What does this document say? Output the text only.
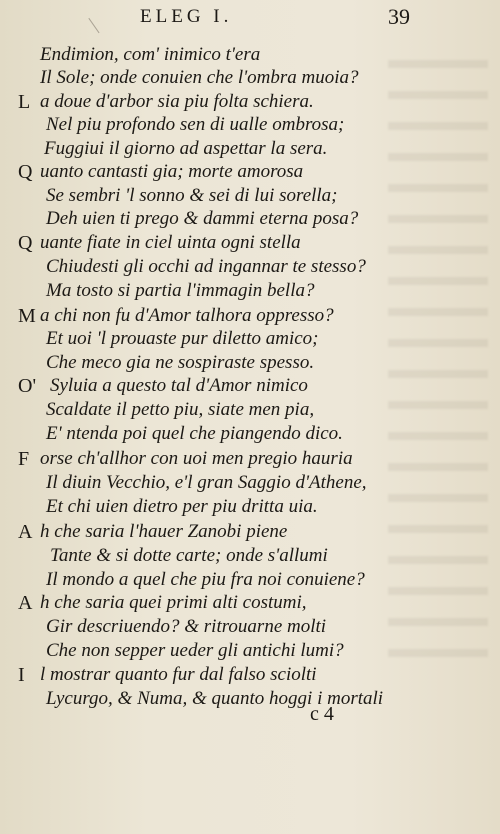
ELEG I.	39
L
Q
Q
M
O'
F
A
A
I
Endimion, com' inimico t'era
Il Sole; onde conuien che l'ombra muoia?
a doue d'arbor sia piu folta schiera.
Nel piu profondo sen di ualle ombrosa;
Fuggiui il giorno ad aspettar la sera.
uanto cantasti gia; morte amorosa
Se sembri 'l sonno & sei di lui sorella;
Deh uien ti prego & dammi eterna posa?
uante fiate in ciel uinta ogni stella
Chiudesti gli occhi ad ingannar te stesso?
Ma tosto si partia l'immagin bella?
a chi non fu d'Amor talhora oppresso?
Et uoi 'l prouaste pur diletto amico;
Che meco gia ne sospiraste spesso.
Syluia a questo tal d'Amor nimico
Scaldate il petto piu, siate men pia,
E' ntenda poi quel che piangendo dico.
orse ch'allhor con uoi men pregio hauria
Il diuin Vecchio, e'l gran Saggio d'Athene,
Et chi uien dietro per piu dritta uia.
h che saria l'hauer Zanobi piene
Tante & si dotte carte; onde s'allumi
Il mondo a quel che piu fra noi conuiene?
h che saria quei primi alti costumi,
Gir descriuendo? & ritrouarne molti
Che non sepper ueder gli antichi lumi?
l mostrar quanto fur dal falso sciolti
Lycurgo, & Numa, & quanto hoggi i mortali
c 4
